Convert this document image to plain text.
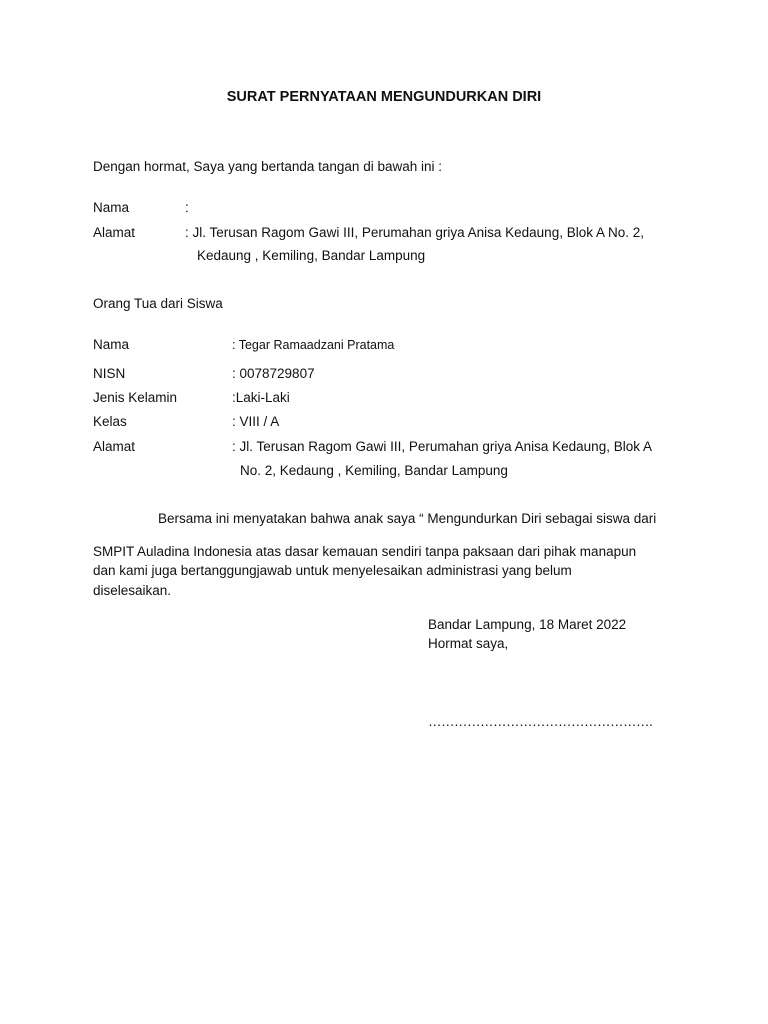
SURAT PERNYATAAN MENGUNDURKAN DIRI
Dengan hormat, Saya yang bertanda tangan di bawah ini :
Nama	:
Alamat	: Jl. Terusan Ragom Gawi III, Perumahan griya Anisa Kedaung, Blok A No. 2,
Kedaung , Kemiling, Bandar Lampung
Orang Tua dari Siswa
Nama	: Tegar Ramaadzani Pratama
NISN	: 0078729807
Jenis Kelamin	:Laki-Laki
Kelas	: VIII / A
Alamat	: Jl. Terusan Ragom Gawi III, Perumahan griya Anisa Kedaung, Blok A
No. 2, Kedaung , Kemiling, Bandar Lampung
Bersama ini menyatakan bahwa anak saya “ Mengundurkan Diri sebagai siswa dari
SMPIT Auladina Indonesia atas dasar kemauan sendiri tanpa paksaan dari pihak manapun
dan kami juga bertanggungjawab untuk menyelesaikan administrasi yang belum
diselesaikan.
Bandar Lampung, 18 Maret 2022
Hormat saya,
…………………………………………….
